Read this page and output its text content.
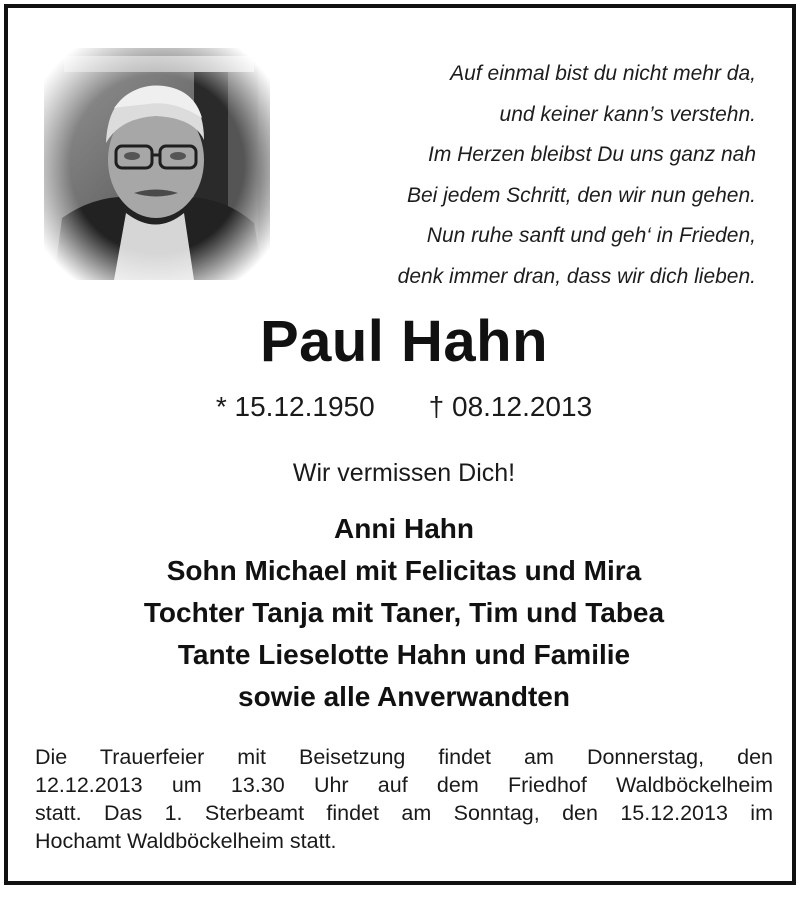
Auf einmal bist du nicht mehr da,
und keiner kann’s verstehn.
Im Herzen bleibst Du uns ganz nah
Bei jedem Schritt, den wir nun gehen.
Nun ruhe sanft und geh‘ in Frieden,
denk immer dran, dass wir dich lieben.
Paul Hahn
* 15.12.1950 † 08.12.2013
Wir vermissen Dich!
Anni Hahn
Sohn Michael mit Felicitas und Mira
Tochter Tanja mit Taner, Tim und Tabea
Tante Lieselotte Hahn und Familie
sowie alle Anverwandten
Die Trauerfeier mit Beisetzung findet am Donnerstag, den
12.12.2013 um 13.30 Uhr auf dem Friedhof Waldböckelheim
statt. Das 1. Sterbeamt findet am Sonntag, den 15.12.2013 im
Hochamt Waldböckelheim statt.
